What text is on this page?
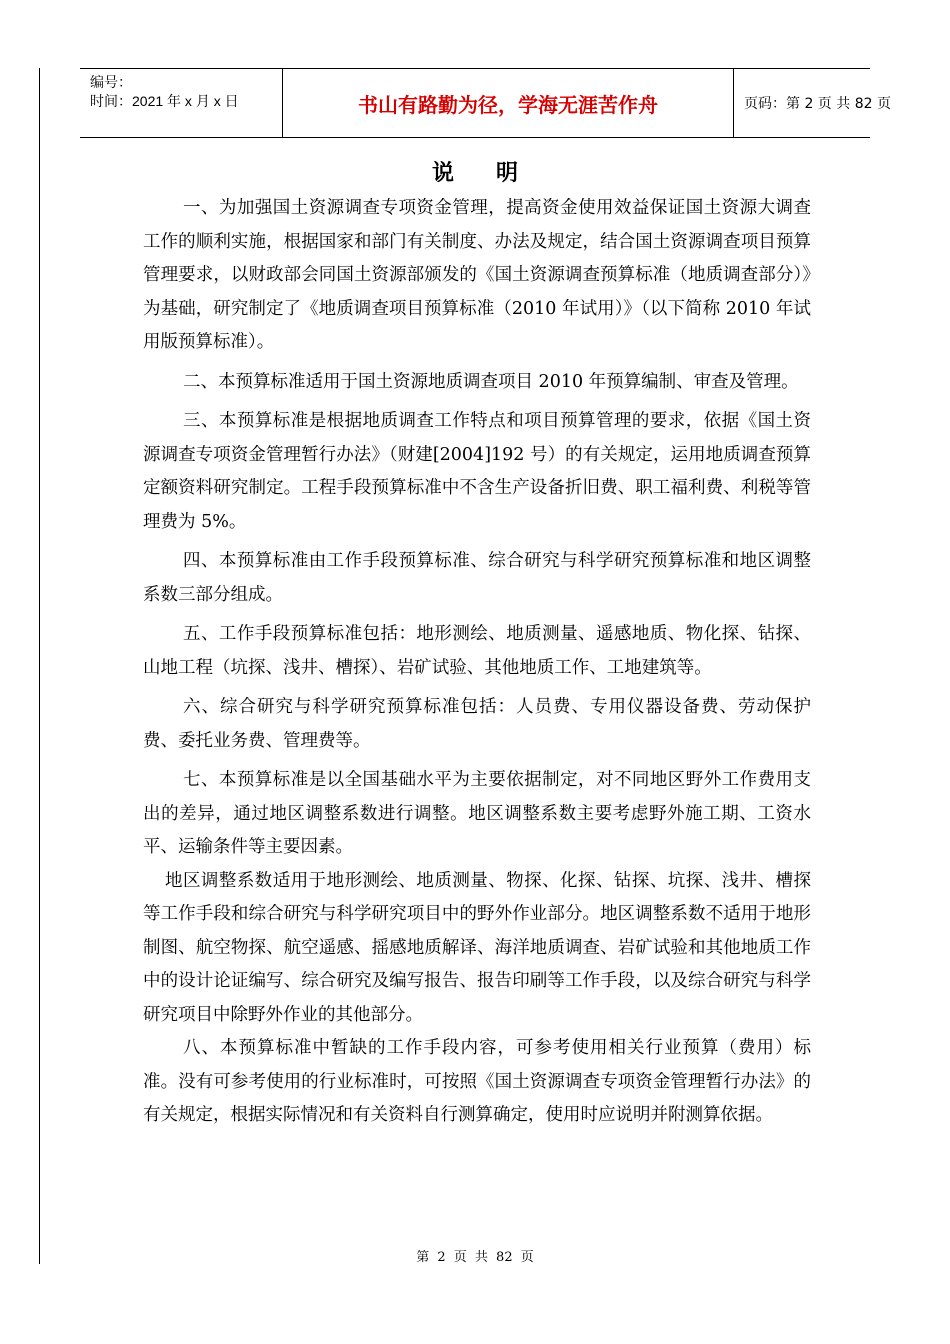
编号：
时间：2021 年 x 月 x 日	书山有路勤为径，学海无涯苦作舟	页码：第 2 页 共 82 页
说明

一、为加强国土资源调查专项资金管理，提高资金使用效益保证国土资源大调查工作的顺利实施，根据国家和部门有关制度、办法及规定，结合国土资源调查项目预算管理要求，以财政部会同国土资源部颁发的《国土资源调查预算标准（地质调查部分）》为基础，研究制定了《地质调查项目预算标准（2010 年试用）》（以下简称 2010 年试用版预算标准）。

二、本预算标准适用于国土资源地质调查项目 2010 年预算编制、审查及管理。

三、本预算标准是根据地质调查工作特点和项目预算管理的要求，依据《国土资源调查专项资金管理暂行办法》（财建[2004]192 号）的有关规定，运用地质调查预算定额资料研究制定。工程手段预算标准中不含生产设备折旧费、职工福利费、利税等管理费为 5%。

四、本预算标准由工作手段预算标准、综合研究与科学研究预算标准和地区调整系数三部分组成。

五、工作手段预算标准包括：地形测绘、地质测量、遥感地质、物化探、钻探、山地工程（坑探、浅井、槽探）、岩矿试验、其他地质工作、工地建筑等。

六、综合研究与科学研究预算标准包括：人员费、专用仪器设备费、劳动保护费、委托业务费、管理费等。

七、本预算标准是以全国基础水平为主要依据制定，对不同地区野外工作费用支出的差异，通过地区调整系数进行调整。地区调整系数主要考虑野外施工期、工资水平、运输条件等主要因素。

地区调整系数适用于地形测绘、地质测量、物探、化探、钻探、坑探、浅井、槽探等工作手段和综合研究与科学研究项目中的野外作业部分。地区调整系数不适用于地形制图、航空物探、航空遥感、摇感地质解译、海洋地质调查、岩矿试验和其他地质工作中的设计论证编写、综合研究及编写报告、报告印刷等工作手段，以及综合研究与科学研究项目中除野外作业的其他部分。

八、本预算标准中暂缺的工作手段内容，可参考使用相关行业预算（费用）标准。没有可参考使用的行业标准时，可按照《国土资源调查专项资金管理暂行办法》的有关规定，根据实际情况和有关资料自行测算确定，使用时应说明并附测算依据。

第 2 页 共 82 页
